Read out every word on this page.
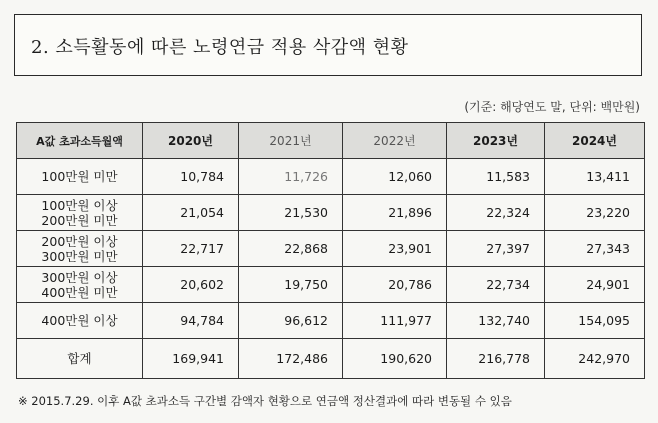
2. 소득활동에 따른 노령연금 적용 삭감액 현황
(기준: 해당연도 말, 단위: 백만원)
A값 초과소득월액	2020년	2021년	2022년	2023년	2024년
100만원 미만	10,784	11,726	12,060	11,583	13,411
100만원 이상
200만원 미만	21,054	21,530	21,896	22,324	23,220
200만원 이상
300만원 미만	22,717	22,868	23,901	27,397	27,343
300만원 이상
400만원 미만	20,602	19,750	20,786	22,734	24,901
400만원 이상	94,784	96,612	111,977	132,740	154,095
합계	169,941	172,486	190,620	216,778	242,970
※ 2015.7.29. 이후 A값 초과소득 구간별 감액자 현황으로 연금액 정산결과에 따라 변동될 수 있음
